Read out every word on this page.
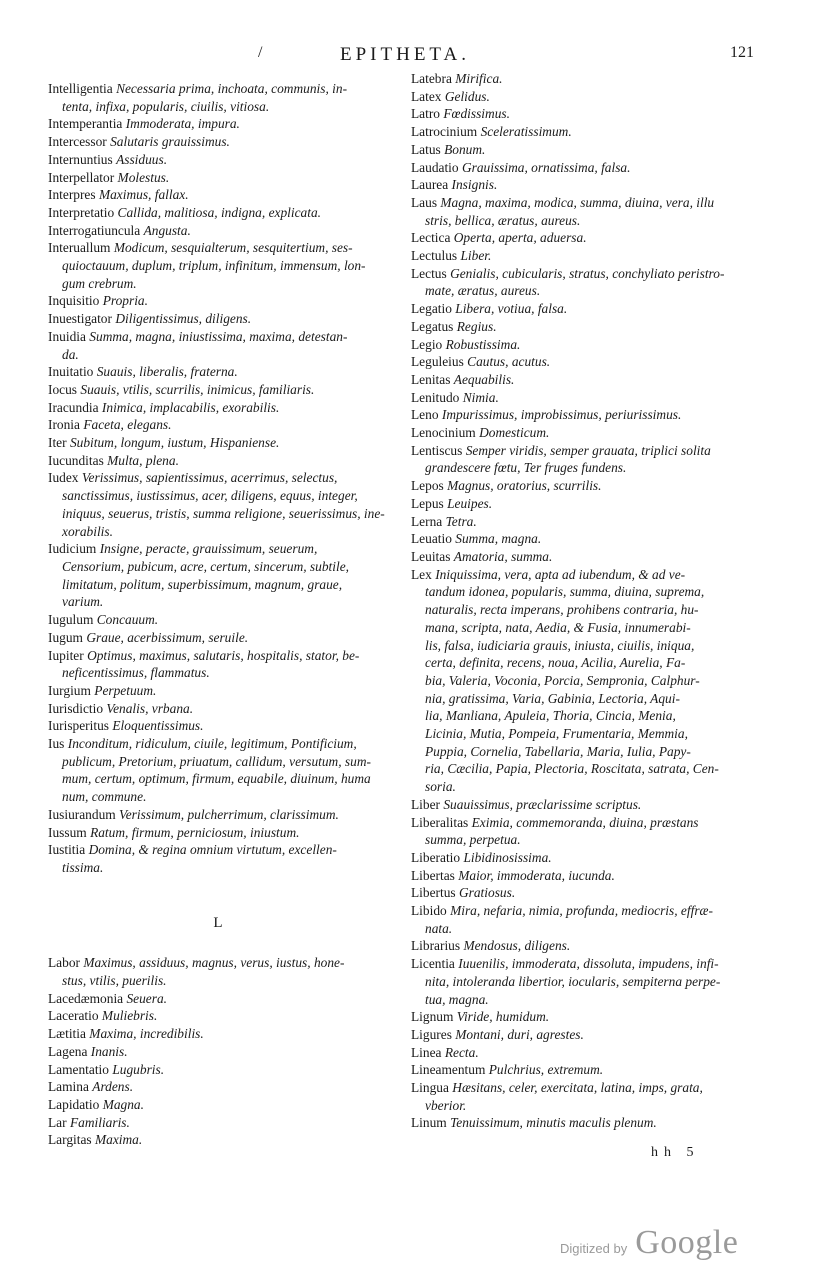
/	EPITHETA.	121
Intelligentia Necessaria prima, inchoata, communis, in-
tenta, infixa, popularis, ciuilis, vitiosa.
Intemperantia Immoderata, impura.
Intercessor Salutaris grauissimus.
Internuntius Assiduus.
Interpellator Molestus.
Interpres Maximus, fallax.
Interpretatio Callida, malitiosa, indigna, explicata.
Interrogatiuncula Angusta.
Interuallum Modicum, sesquialterum, sesquitertium, ses-
quioctauum, duplum, triplum, infinitum, immensum, lon-
gum crebrum.
Inquisitio Propria.
Inuestigator Diligentissimus, diligens.
Inuidia Summa, magna, iniustissima, maxima, detestan-
da.
Inuitatio Suauis, liberalis, fraterna.
Iocus Suauis, vtilis, scurrilis, inimicus, familiaris.
Iracundia Inimica, implacabilis, exorabilis.
Ironia Faceta, elegans.
Iter Subitum, longum, iustum, Hispaniense.
Iucunditas Multa, plena.
Iudex Verissimus, sapientissimus, acerrimus, selectus,
sanctissimus, iustissimus, acer, diligens, equus, integer,
iniquus, seuerus, tristis, summa religione, seuerissimus, ine-
xorabilis.
Iudicium Insigne, peracte, grauissimum, seuerum,
Censorium, pubicum, acre, certum, sincerum, subtile,
limitatum, politum, superbissimum, magnum, graue,
varium.
Iugulum Concauum.
Iugum Graue, acerbissimum, seruile.
Iupiter Optimus, maximus, salutaris, hospitalis, stator, be-
neficentissimus, flammatus.
Iurgium Perpetuum.
Iurisdictio Venalis, vrbana.
Iurisperitus Eloquentissimus.
Ius Inconditum, ridiculum, ciuile, legitimum, Pontificium,
publicum, Pretorium, priuatum, callidum, versutum, sum-
mum, certum, optimum, firmum, equabile, diuinum, huma
num, commune.
Iusiurandum Verissimum, pulcherrimum, clarissimum.
Iussum Ratum, firmum, perniciosum, iniustum.
Iustitia Domina, & regina omnium virtutum, excellen-
tissima.
L
Labor Maximus, assiduus, magnus, verus, iustus, hone-
stus, vtilis, puerilis.
Lacedæmonia Seuera.
Laceratio Muliebris.
Lætitia Maxima, incredibilis.
Lagena Inanis.
Lamentatio Lugubris.
Lamina Ardens.
Lapidatio Magna.
Lar Familiaris.
Largitas Maxima.
Latebra Mirifica.
Latex Gelidus.
Latro Fœdissimus.
Latrocinium Sceleratissimum.
Latus Bonum.
Laudatio Grauissima, ornatissima, falsa.
Laurea Insignis.
Laus Magna, maxima, modica, summa, diuina, vera, illu
stris, bellica, æratus, aureus.
Lectica Operta, aperta, aduersa.
Lectulus Liber.
Lectus Genialis, cubicularis, stratus, conchyliato peristro-
mate, æratus, aureus.
Legatio Libera, votiua, falsa.
Legatus Regius.
Legio Robustissima.
Leguleius Cautus, acutus.
Lenitas Aequabilis.
Lenitudo Nimia.
Leno Impurissimus, improbissimus, periurissimus.
Lenocinium Domesticum.
Lentiscus Semper viridis, semper grauata, triplici solita
grandescere fœtu, Ter fruges fundens.
Lepos Magnus, oratorius, scurrilis.
Lepus Leuipes.
Lerna Tetra.
Leuatio Summa, magna.
Leuitas Amatoria, summa.
Lex Iniquissima, vera, apta ad iubendum, & ad ve-
tandum idonea, popularis, summa, diuina, suprema,
naturalis, recta imperans, prohibens contraria, hu-
mana, scripta, nata, Aedia, & Fusia, innumerabi-
lis, falsa, iudiciaria grauis, iniusta, ciuilis, iniqua,
certa, definita, recens, noua, Acilia, Aurelia, Fa-
bia, Valeria, Voconia, Porcia, Sempronia, Calphur-
nia, gratissima, Varia, Gabinia, Lectoria, Aqui-
lia, Manliana, Apuleia, Thoria, Cincia, Menia,
Licinia, Mutia, Pompeia, Frumentaria, Memmia,
Puppia, Cornelia, Tabellaria, Maria, Iulia, Papy-
ria, Cæcilia, Papia, Plectoria, Roscitata, satrata, Cen-
soria.
Liber Suauissimus, præclarissime scriptus.
Liberalitas Eximia, commemoranda, diuina, præstans
summa, perpetua.
Liberatio Libidinosissima.
Libertas Maior, immoderata, iucunda.
Libertus Gratiosus.
Libido Mira, nefaria, nimia, profunda, mediocris, effræ-
nata.
Librarius Mendosus, diligens.
Licentia Iuuenilis, immoderata, dissoluta, impudens, infi-
nita, intoleranda libertior, iocularis, sempiterna perpe-
tua, magna.
Lignum Viride, humidum.
Ligures Montani, duri, agrestes.
Linea Recta.
Lineamentum Pulchrius, extremum.
Lingua Hæsitans, celer, exercitata, latina, imps, grata,
vberior.
Linum Tenuissimum, minutis maculis plenum.
hh 5
Digitized by Google
